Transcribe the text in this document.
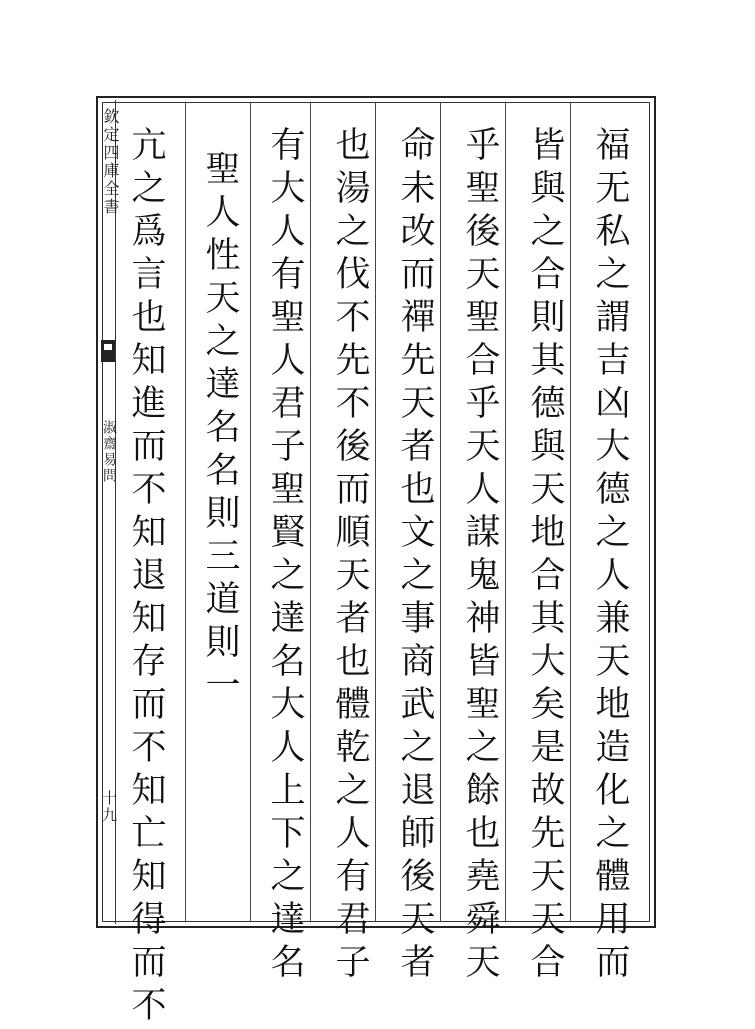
欽定四庫全書
淑齋易問
十九	福无私之謂吉凶大德之人兼天地造化之體用而
皆與之合則其德與天地合其大矣是故先天天合
乎聖後天聖合乎天人謀鬼神皆聖之餘也堯舜天
命未改而禪先天者也文之事商武之退師後天者
也湯之伐不先不後而順天者也體乾之人有君子
有大人有聖人君子聖賢之達名大人上下之達名
聖人性天之達名名則三道則一
亢之爲言也知進而不知退知存而不知亡知得而不
